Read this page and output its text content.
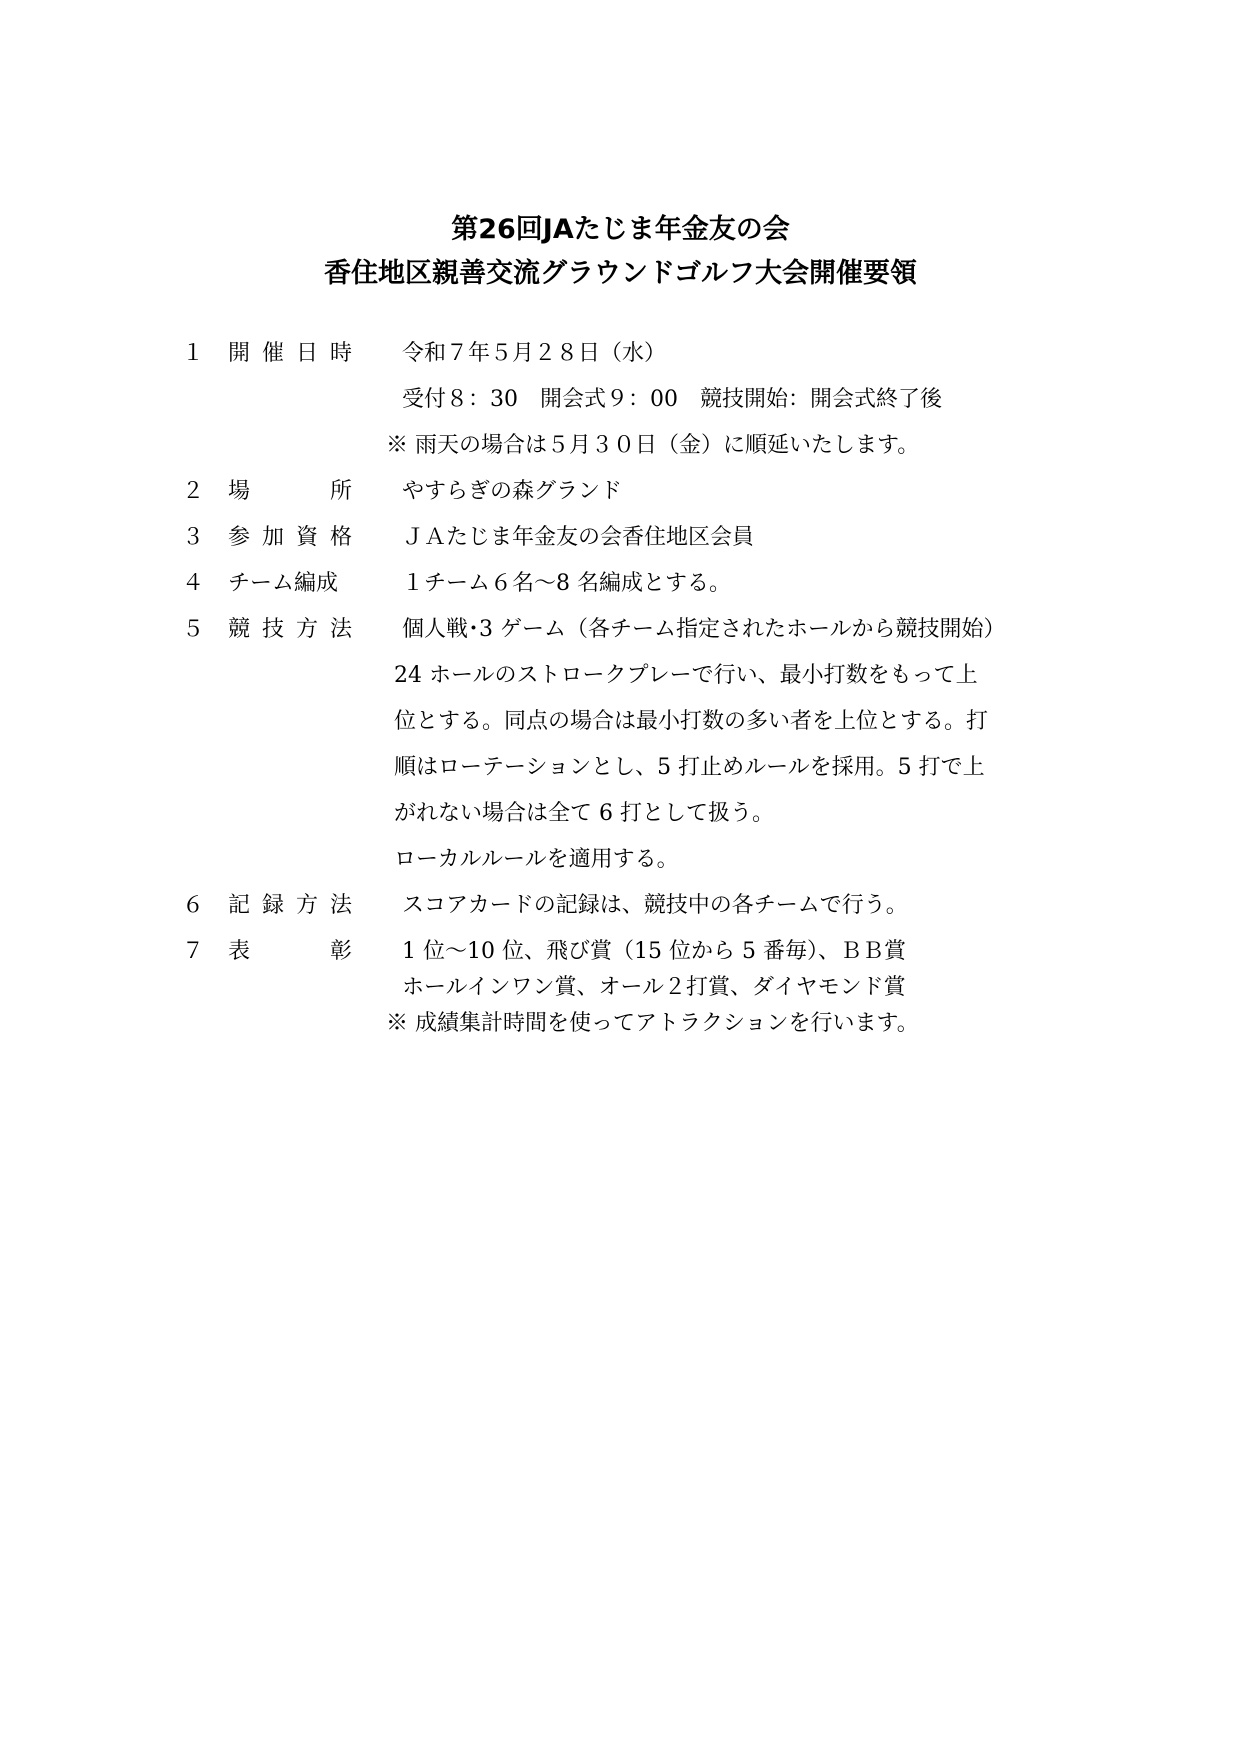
第26回JAたじま年金友の会
香住地区親善交流グラウンドゴルフ大会開催要領
１ 開催日時 令和７年５月２８日（水）
受付８：30　開会式９：00　競技開始：開会式終了後
※ 雨天の場合は５月３０日（金）に順延いたします。
２ 場所 やすらぎの森グランド
３ 参加資格 ＪＡたじま年金友の会香住地区会員
４ チーム編成	１チーム６名～8 名編成とする。
５ 競技方法 個人戦･3 ゲーム（各チーム指定されたホールから競技開始）
24 ホールのストロークプレーで行い、最小打数をもって上
位とする。同点の場合は最小打数の多い者を上位とする。打
順はローテーションとし、5 打止めルールを採用。5 打で上
がれない場合は全て 6 打として扱う。
ローカルルールを適用する。
６ 記録方法 スコアカードの記録は、競技中の各チームで行う。
７ 表彰 1 位～10 位、飛び賞（15 位から 5 番毎）、ＢＢ賞
ホールインワン賞、オール２打賞、ダイヤモンド賞
※ 成績集計時間を使ってアトラクションを行います。
